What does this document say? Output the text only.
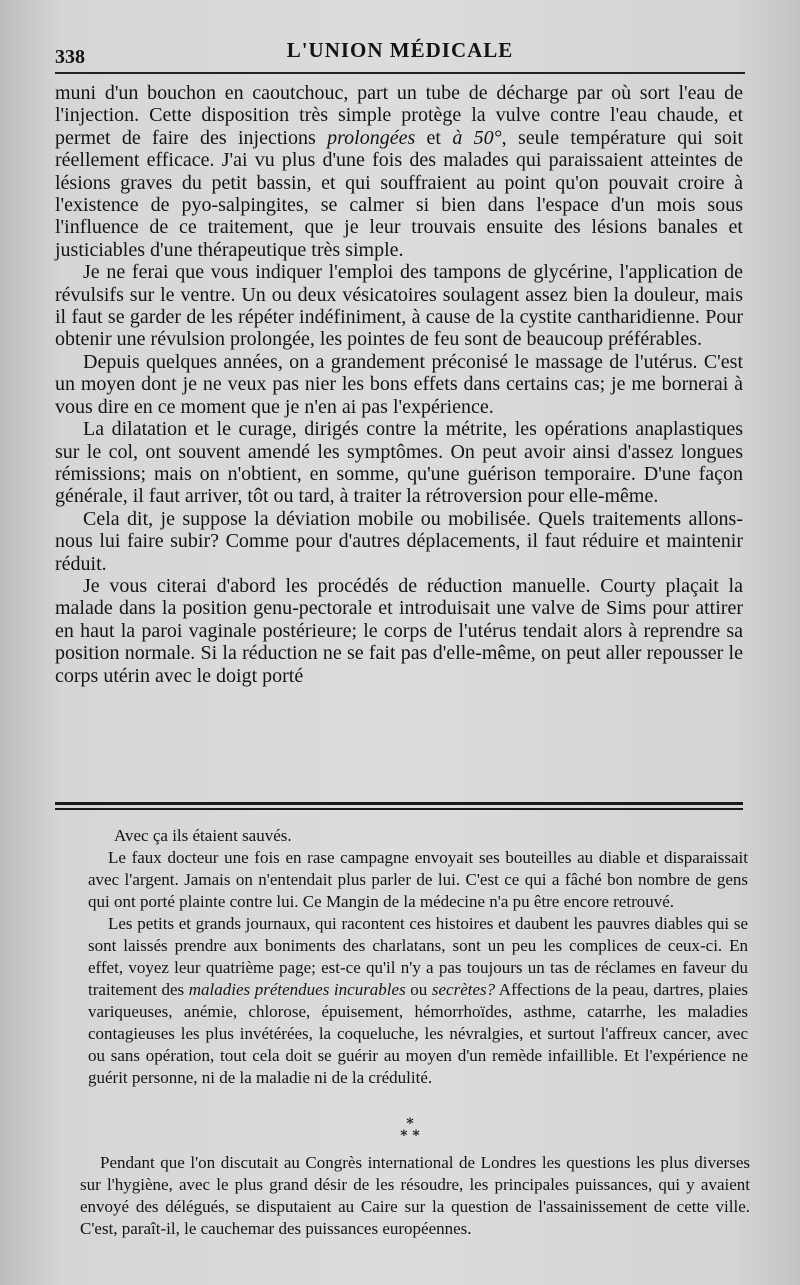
338	L'UNION MÉDICALE

muni d'un bouchon en caoutchouc, part un tube de décharge par où sort l'eau de l'injection. Cette disposition très simple protège la vulve contre l'eau chaude, et permet de faire des injections prolongées et à 50°, seule température qui soit réellement efficace. J'ai vu plus d'une fois des malades qui paraissaient atteintes de lésions graves du petit bassin, et qui souffraient au point qu'on pouvait croire à l'existence de pyo-salpingites, se calmer si bien dans l'espace d'un mois sous l'influence de ce traitement, que je leur trouvais ensuite des lésions banales et justiciables d'une thérapeutique très simple.

Je ne ferai que vous indiquer l'emploi des tampons de glycérine, l'application de révulsifs sur le ventre. Un ou deux vésicatoires soulagent assez bien la douleur, mais il faut se garder de les répéter indéfiniment, à cause de la cystite cantharidienne. Pour obtenir une révulsion prolongée, les pointes de feu sont de beaucoup préférables.

Depuis quelques années, on a grandement préconisé le massage de l'utérus. C'est un moyen dont je ne veux pas nier les bons effets dans certains cas; je me bornerai à vous dire en ce moment que je n'en ai pas l'expérience.

La dilatation et le curage, dirigés contre la métrite, les opérations anaplastiques sur le col, ont souvent amendé les symptômes. On peut avoir ainsi d'assez longues rémissions; mais on n'obtient, en somme, qu'une guérison temporaire. D'une façon générale, il faut arriver, tôt ou tard, à traiter la rétroversion pour elle-même.

Cela dit, je suppose la déviation mobile ou mobilisée. Quels traitements allons-nous lui faire subir? Comme pour d'autres déplacements, il faut réduire et maintenir réduit.

Je vous citerai d'abord les procédés de réduction manuelle. Courty plaçait la malade dans la position genu-pectorale et introduisait une valve de Sims pour attirer en haut la paroi vaginale postérieure; le corps de l'utérus tendait alors à reprendre sa position normale. Si la réduction ne se fait pas d'elle-même, on peut aller repousser le corps utérin avec le doigt porté

Avec ça ils étaient sauvés.

Le faux docteur une fois en rase campagne envoyait ses bouteilles au diable et disparaissait avec l'argent. Jamais on n'entendait plus parler de lui. C'est ce qui a fâché bon nombre de gens qui ont porté plainte contre lui. Ce Mangin de la médecine n'a pu être encore retrouvé.

Les petits et grands journaux, qui racontent ces histoires et daubent les pauvres diables qui se sont laissés prendre aux boniments des charlatans, sont un peu les complices de ceux-ci. En effet, voyez leur quatrième page; est-ce qu'il n'y a pas toujours un tas de réclames en faveur du traitement des maladies prétendues incurables ou secrètes? Affections de la peau, dartres, plaies variqueuses, anémie, chlorose, épuisement, hémorrhoïdes, asthme, catarrhe, les maladies contagieuses les plus invétérées, la coqueluche, les névralgies, et surtout l'affreux cancer, avec ou sans opération, tout cela doit se guérir au moyen d'un remède infaillible. Et l'expérience ne guérit personne, ni de la maladie ni de la crédulité.

*
* *

Pendant que l'on discutait au Congrès international de Londres les questions les plus diverses sur l'hygiène, avec le plus grand désir de les résoudre, les principales puissances, qui y avaient envoyé des délégués, se disputaient au Caire sur la question de l'assainissement de cette ville. C'est, paraît-il, le cauchemar des puissances européennes.
